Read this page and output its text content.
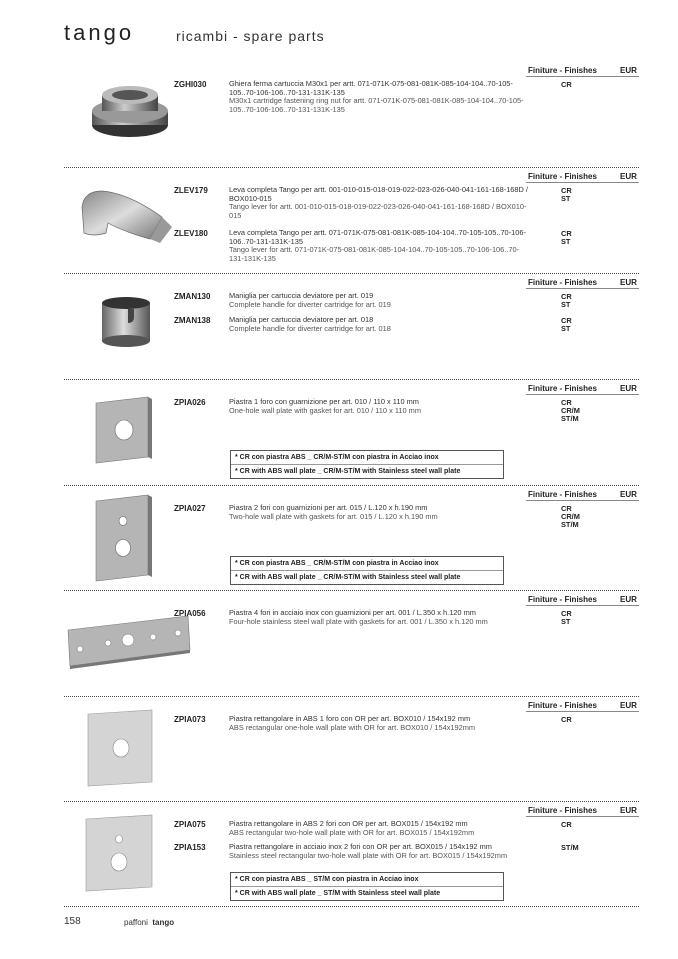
tango	ricambi - spare parts
Finiture - Finishes	EUR
ZGHI030	Ghiera ferma cartuccia M30x1 per artt. 071-071K-075-081-081K-085-104-104..70-105-105..70-106-106..70-131-131K-135
M30x1 cartridge fastening ring nut for artt. 071-071K-075-081-081K-085-104-104..70-105-105..70-106-106..70-131-131K-135
CR
Finiture - Finishes	EUR
ZLEV179	Leva completa Tango per artt. 001-010-015-018-019-022-023-026-040-041-161-168-168D / BOX010-015
Tango lever for artt. 001-010-015-018-019-022-023-026-040-041-161-168-168D / BOX010-015
CR
ST
ZLEV180	Leva completa Tango per artt. 071-071K-075-081-081K-085-104-104..70-105-105..70-106-106..70-131-131K-135
Tango lever for artt. 071-071K-075-081-081K-085-104-104..70-105-105..70-106-106..70-131-131K-135
CR
ST
Finiture - Finishes	EUR
ZMAN130	Maniglia per cartuccia deviatore per art. 019
Complete handle for diverter cartridge for art. 019
CR
ST
ZMAN138	Maniglia per cartuccia deviatore per art. 018
Complete handle for diverter cartridge for art. 018
CR
ST
Finiture - Finishes	EUR
ZPIA026	Piastra 1 foro con guarnizione per art. 010 / 110 x 110 mm
One-hole wall plate with gasket for art. 010 / 110 x 110 mm
CR
CR/M
ST/M
* CR con piastra ABS _ CR/M-ST/M con piastra in Acciao inox
* CR with ABS wall plate _ CR/M-ST/M with Stainless steel wall plate
Finiture - Finishes	EUR
ZPIA027	Piastra 2 fori con guarnizioni per art. 015 / L.120 x h.190 mm
Two-hole wall plate with gaskets for art. 015 / L.120 x h.190 mm
CR
CR/M
ST/M
* CR con piastra ABS _ CR/M-ST/M con piastra in Acciao inox
* CR with ABS wall plate _ CR/M-ST/M with Stainless steel wall plate
Finiture - Finishes	EUR
ZPIA056	Piastra 4 fori in acciaio inox con guarnizioni per art. 001 / L.350 x h.120 mm
Four-hole stainless steel wall plate with gaskets for art. 001 / L.350 x h.120 mm
CR
ST
Finiture - Finishes	EUR
ZPIA073	Piastra rettangolare in ABS 1 foro con OR per art. BOX010 / 154x192 mm
ABS rectangular one-hole wall plate with OR for art. BOX010 / 154x192mm
CR
Finiture - Finishes	EUR
ZPIA075	Piastra rettangolare in ABS 2 fori con OR per art. BOX015 / 154x192 mm
ABS rectangular two-hole wall plate with OR for art. BOX015 / 154x192mm
CR
ZPIA153	Piastra rettangolare in acciaio inox 2 fori con OR per art. BOX015 / 154x192 mm
Stainless steel rectangular two-hole wall plate with OR for art. BOX015 / 154x192mm
ST/M
* CR con piastra ABS _ ST/M con piastra in Acciao inox
* CR with ABS wall plate _ ST/M with Stainless steel wall plate
158	paffoni tango
